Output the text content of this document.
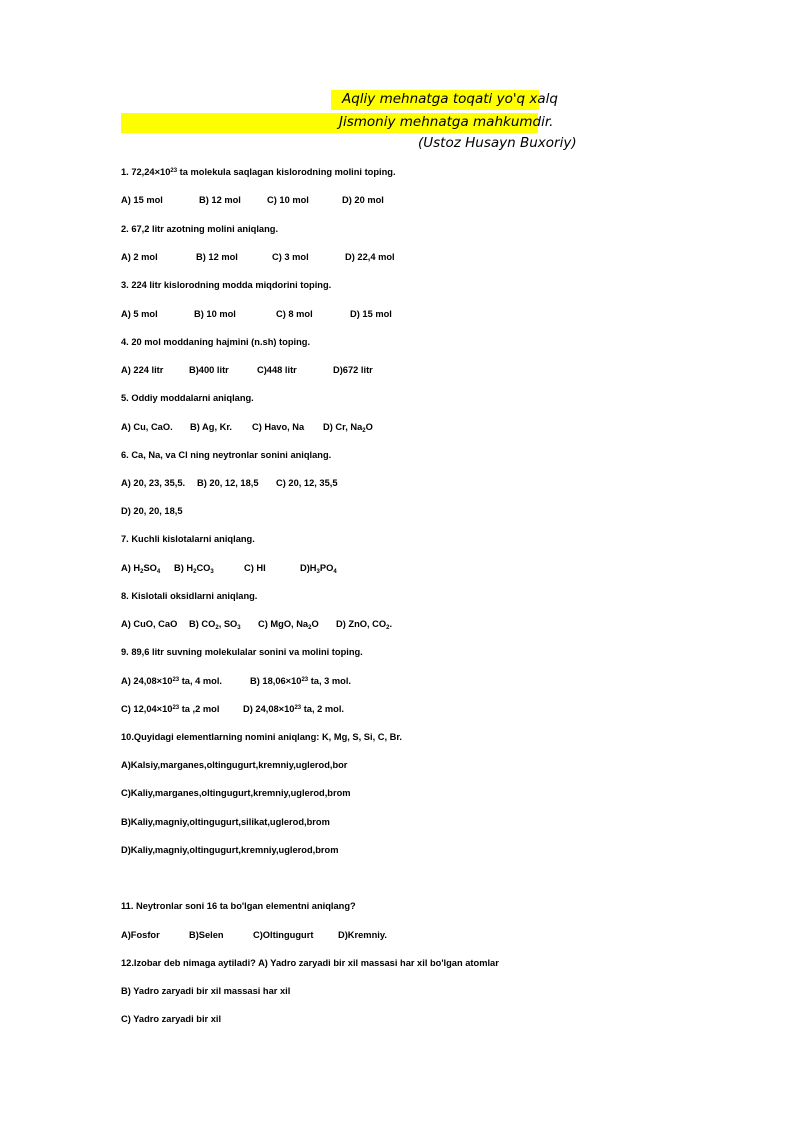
Aqliy mehnatga toqati yo'q xalq
Jismoniy mehnatga mahkumdir.
(Ustoz Husayn Buxoriy)
1. $72,24\times 10^{23}$ ta molekula saqlagan kislorodning molini toping.
A) 15 mol	B) 12 mol	C) 10 mol	D) 20 mol
2. 67,2 litr azotning molini aniqlang.
A) 2 mol	B) 12 mol	C) 3 mol	D) 22,4 mol
3. 224 litr kislorodning modda miqdorini toping.
A) 5 mol	B) 10 mol	C) 8 mol	D) 15 mol
4. 20 mol moddaning hajmini (n.sh) toping.
A) 224 litr	B)400 litr	C)448 litr	D)672 litr
5. Oddiy moddalarni aniqlang.
A) Cu, CaO. B) Ag, Kr. C) Havo, Na D) Cr, $Na_2O$
6. Ca, Na, va Cl ning neytronlar sonini aniqlang.
A) 20, 23, 35,5. B) 20, 12, 18,5 C) 20, 12, 35,5
D) 20, 20, 18,5
7. Kuchli kislotalarni aniqlang.
A) $H_2SO_4$ B) $H_2CO_3$	C) HI	$D)H_3PO_4$
8. Kislotali oksidlarni aniqlang.
A) CuO, CaO B) $CO_2$, $SO_3$ C) MgO, $Na_2O$ D) ZnO, $CO_2$.
9. 89,6 litr suvning molekulalar sonini va molini toping.
A) $24,08\times 10^{23}$ ta, 4 mol.	B) $18,06\times 10^{23}$ ta, 3 mol.
C) $12,04\times 10^{23}$ ta ,2 mol	D) $24,08\times 10^{23}$ ta, 2 mol.
10.Quyidagi elementlarning nomini aniqlang: K, Mg, S, Si, C, Br.
A)Kalsiy,marganes,oltingugurt,kremniy,uglerod,bor
C)Kaliy,marganes,oltingugurt,kremniy,uglerod,brom
B)Kaliy,magniy,oltingugurt,silikat,uglerod,brom
D)Kaliy,magniy,oltingugurt,kremniy,uglerod,brom
11. Neytronlar soni 16 ta bo'lgan elementni aniqlang?
A)Fosfor	B)Selen	C)Oltingugurt	D)Kremniy.
12.Izobar deb nimaga aytiladi? A) Yadro zaryadi bir xil massasi har xil bo'lgan atomlar
B) Yadro zaryadi bir xil massasi har xil
C) Yadro zaryadi bir xil
